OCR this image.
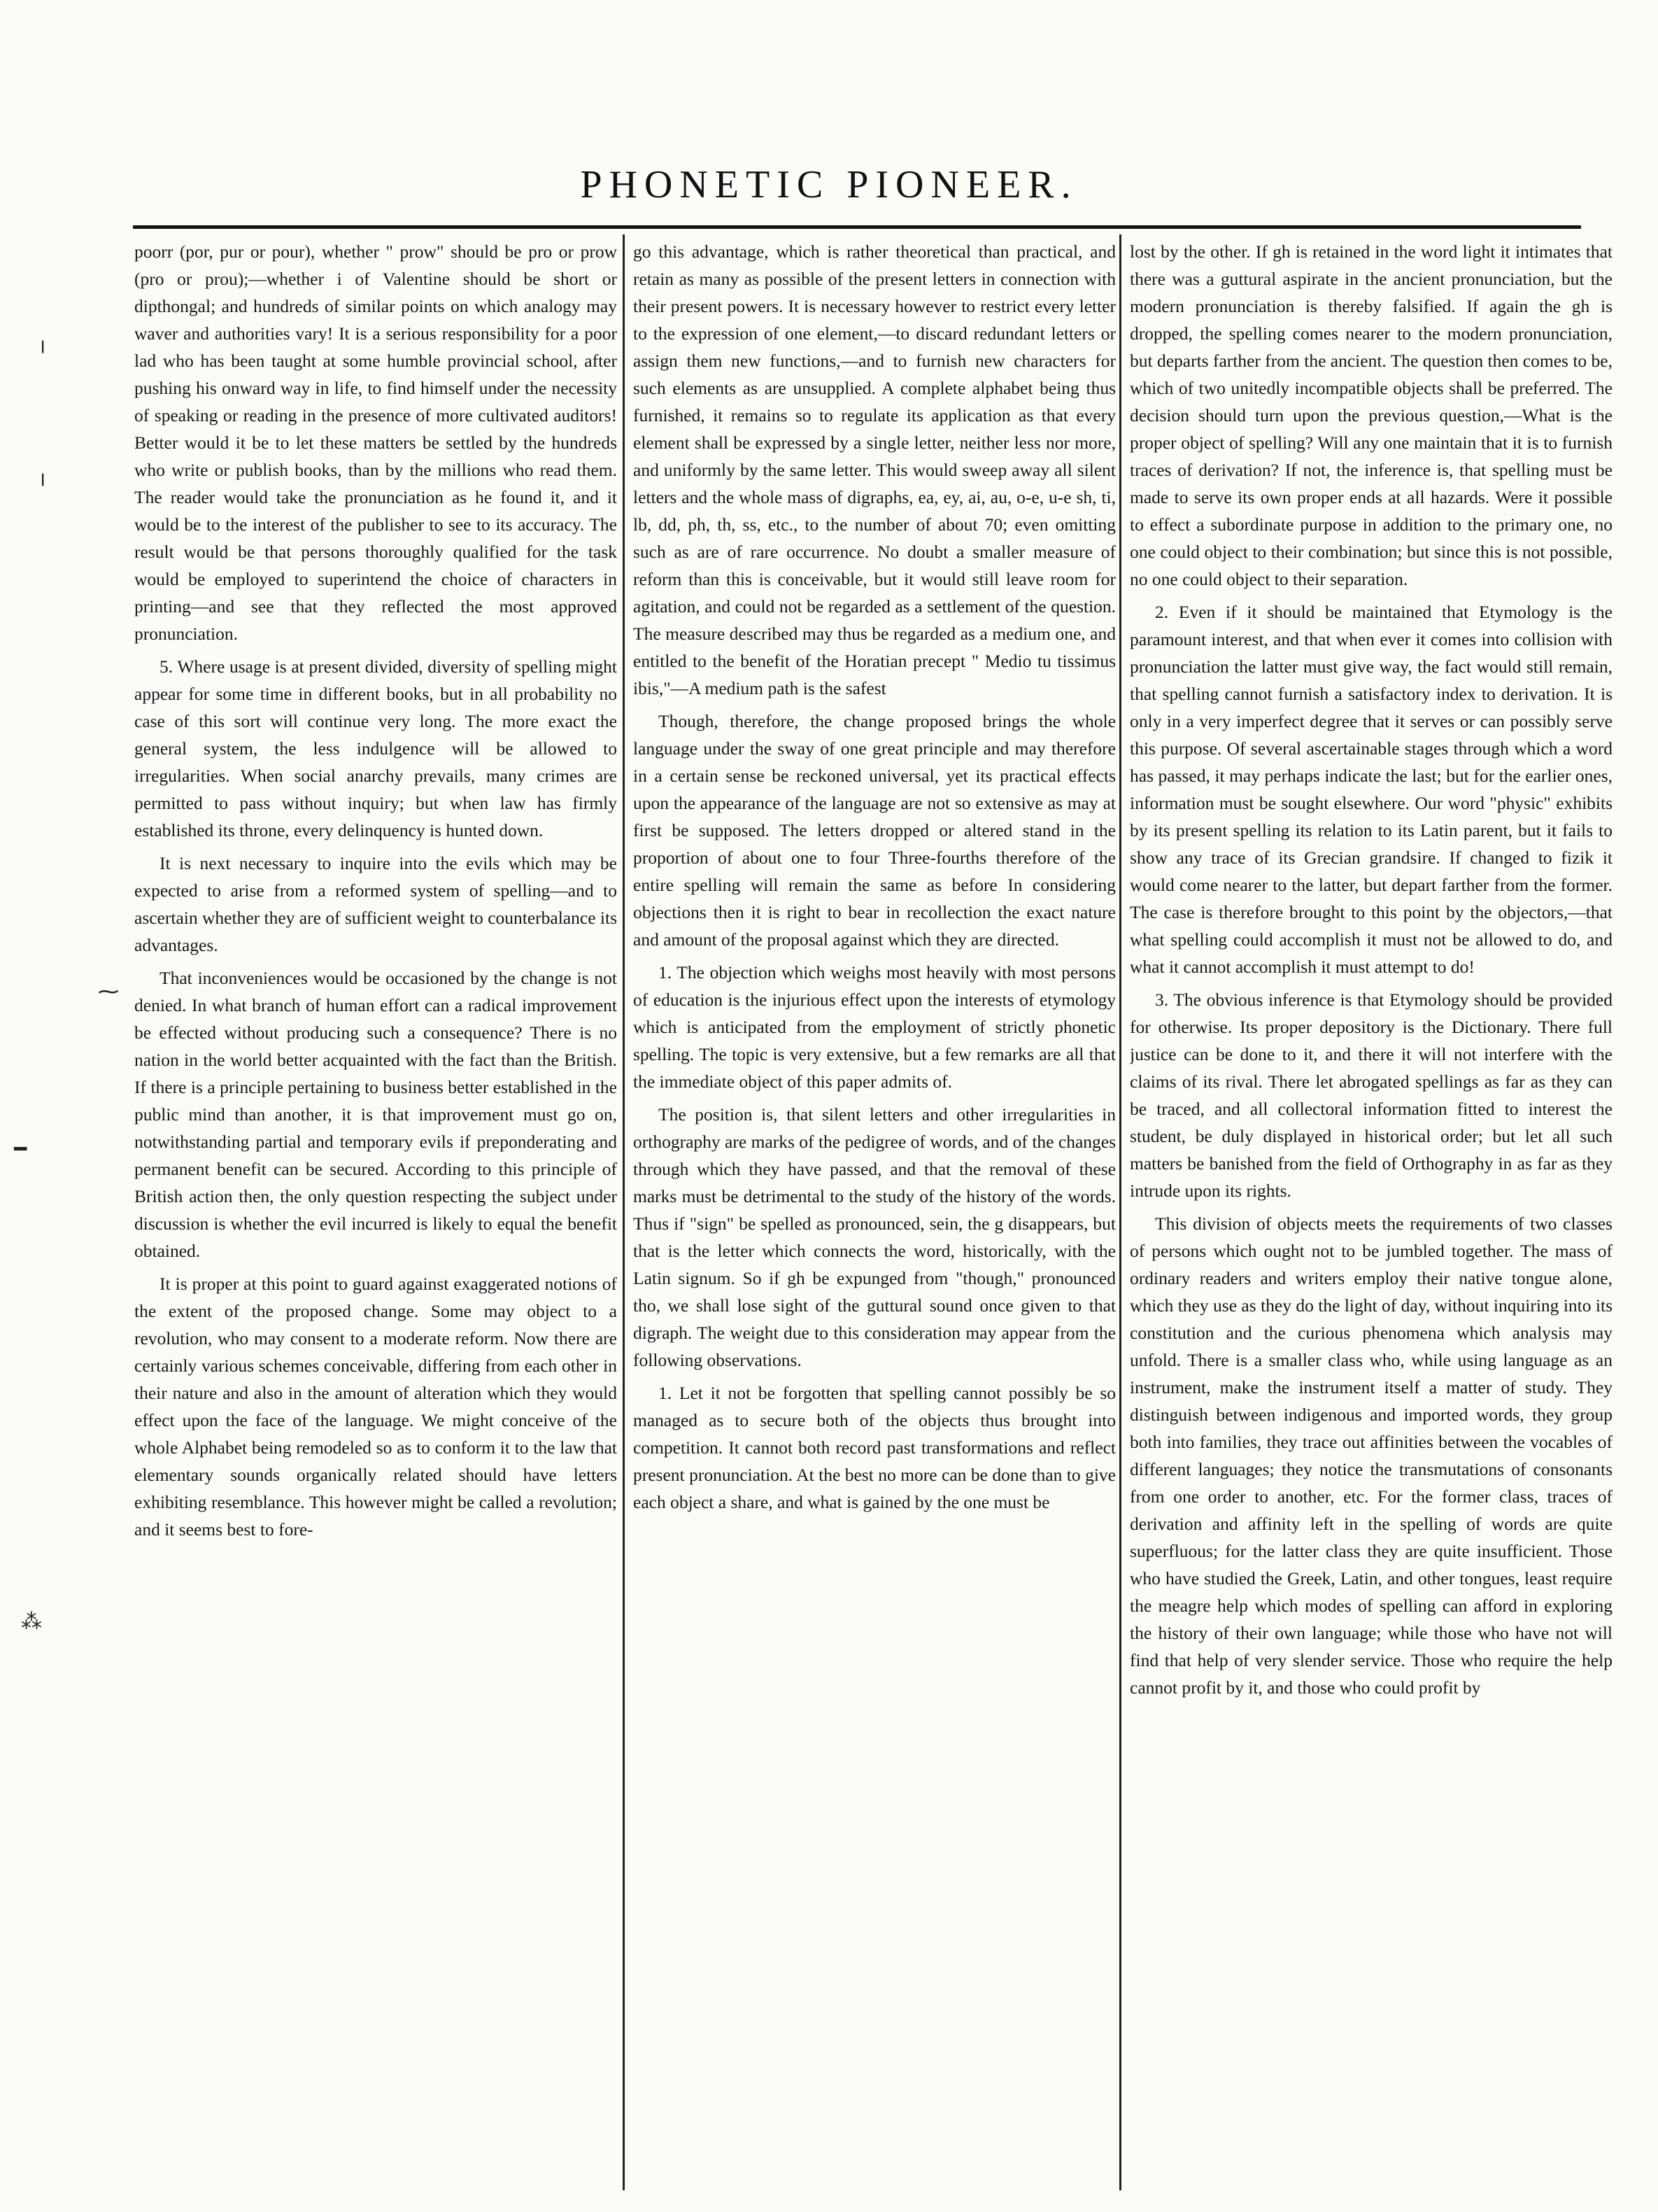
PHONETIC PIONEER.

poorr (por, pur or pour), whether " prow" should be pro or prow (pro or prou);—whether i of Valentine should be short or dipthongal; and hundreds of similar points on which analogy may waver and authorities vary! It is a serious responsibility for a poor lad who has been taught at some humble provincial school, after pushing his onward way in life, to find himself under the necessity of speaking or reading in the presence of more cultivated auditors! Better would it be to let these matters be settled by the hundreds who write or publish books, than by the millions who read them. The reader would take the pronunciation as he found it, and it would be to the interest of the publisher to see to its accuracy. The result would be that persons thoroughly qualified for the task would be employed to superintend the choice of characters in printing—and see that they reflected the most approved pronunciation.

5. Where usage is at present divided, diversity of spelling might appear for some time in different books, but in all probability no case of this sort will continue very long. The more exact the general system, the less indulgence will be allowed to irregularities. When social anarchy prevails, many crimes are permitted to pass without inquiry; but when law has firmly established its throne, every delinquency is hunted down.

It is next necessary to inquire into the evils which may be expected to arise from a reformed system of spelling—and to ascertain whether they are of sufficient weight to counterbalance its advantages.

That inconveniences would be occasioned by the change is not denied. In what branch of human effort can a radical improvement be effected without producing such a consequence? There is no nation in the world better acquainted with the fact than the British. If there is a principle pertaining to business better established in the public mind than another, it is that improvement must go on, notwithstanding partial and temporary evils if preponderating and permanent benefit can be secured. According to this principle of British action then, the only question respecting the subject under discussion is whether the evil incurred is likely to equal the benefit obtained.

It is proper at this point to guard against exaggerated notions of the extent of the proposed change. Some may object to a revolution, who may consent to a moderate reform. Now there are certainly various schemes conceivable, differing from each other in their nature and also in the amount of alteration which they would effect upon the face of the language. We might conceive of the whole Alphabet being remodeled so as to conform it to the law that elementary sounds organically related should have letters exhibiting resemblance. This however might be called a revolution; and it seems best to fore-

go this advantage, which is rather theoretical than practical, and retain as many as possible of the present letters in connection with their present powers. It is necessary however to restrict every letter to the expression of one element,—to discard redundant letters or assign them new functions,—and to furnish new characters for such elements as are unsupplied. A complete alphabet being thus furnished, it remains so to regulate its application as that every element shall be expressed by a single letter, neither less nor more, and uniformly by the same letter. This would sweep away all silent letters and the whole mass of digraphs, ea, ey, ai, au, o-e, u-e sh, ti, lb, dd, ph, th, ss, etc., to the number of about 70; even omitting such as are of rare occurrence. No doubt a smaller measure of reform than this is conceivable, but it would still leave room for agitation, and could not be regarded as a settlement of the question. The measure described may thus be regarded as a medium one, and entitled to the benefit of the Horatian precept " Medio tu tissimus ibis,"—A medium path is the safest

Though, therefore, the change proposed brings the whole language under the sway of one great principle and may therefore in a certain sense be reckoned universal, yet its practical effects upon the appearance of the language are not so extensive as may at first be supposed. The letters dropped or altered stand in the proportion of about one to four Three-fourths therefore of the entire spelling will remain the same as before In considering objections then it is right to bear in recollection the exact nature and amount of the proposal against which they are directed.

1. The objection which weighs most heavily with most persons of education is the injurious effect upon the interests of etymology which is anticipated from the employment of strictly phonetic spelling. The topic is very extensive, but a few remarks are all that the immediate object of this paper admits of.

The position is, that silent letters and other irregularities in orthography are marks of the pedigree of words, and of the changes through which they have passed, and that the removal of these marks must be detrimental to the study of the history of the words. Thus if "sign" be spelled as pronounced, sein, the g disappears, but that is the letter which connects the word, historically, with the Latin signum. So if gh be expunged from "though," pronounced tho, we shall lose sight of the guttural sound once given to that digraph. The weight due to this consideration may appear from the following observations.

1. Let it not be forgotten that spelling cannot possibly be so managed as to secure both of the objects thus brought into competition. It cannot both record past transformations and reflect present pronunciation. At the best no more can be done than to give each object a share, and what is gained by the one must be

lost by the other. If gh is retained in the word light it intimates that there was a guttural aspirate in the ancient pronunciation, but the modern pronunciation is thereby falsified. If again the gh is dropped, the spelling comes nearer to the modern pronunciation, but departs farther from the ancient. The question then comes to be, which of two unitedly incompatible objects shall be preferred. The decision should turn upon the previous question,—What is the proper object of spelling? Will any one maintain that it is to furnish traces of derivation? If not, the inference is, that spelling must be made to serve its own proper ends at all hazards. Were it possible to effect a subordinate purpose in addition to the primary one, no one could object to their combination; but since this is not possible, no one could object to their separation.

2. Even if it should be maintained that Etymology is the paramount interest, and that when ever it comes into collision with pronunciation the latter must give way, the fact would still remain, that spelling cannot furnish a satisfactory index to derivation. It is only in a very imperfect degree that it serves or can possibly serve this purpose. Of several ascertainable stages through which a word has passed, it may perhaps indicate the last; but for the earlier ones, information must be sought elsewhere. Our word "physic" exhibits by its present spelling its relation to its Latin parent, but it fails to show any trace of its Grecian grandsire. If changed to fizik it would come nearer to the latter, but depart farther from the former. The case is therefore brought to this point by the objectors,—that what spelling could accomplish it must not be allowed to do, and what it cannot accomplish it must attempt to do!

3. The obvious inference is that Etymology should be provided for otherwise. Its proper depository is the Dictionary. There full justice can be done to it, and there it will not interfere with the claims of its rival. There let abrogated spellings as far as they can be traced, and all collectoral information fitted to interest the student, be duly displayed in historical order; but let all such matters be banished from the field of Orthography in as far as they intrude upon its rights.

This division of objects meets the requirements of two classes of persons which ought not to be jumbled together. The mass of ordinary readers and writers employ their native tongue alone, which they use as they do the light of day, without inquiring into its constitution and the curious phenomena which analysis may unfold. There is a smaller class who, while using language as an instrument, make the instrument itself a matter of study. They distinguish between indigenous and imported words, they group both into families, they trace out affinities between the vocables of different languages; they notice the transmutations of consonants from one order to another, etc. For the former class, traces of derivation and affinity left in the spelling of words are quite superfluous; for the latter class they are quite insufficient. Those who have studied the Greek, Latin, and other tongues, least require the meagre help which modes of spelling can afford in exploring the history of their own language; while those who have not will find that help of very slender service. Those who require the help cannot profit by it, and those who could profit by

╷
╷
⁓
━
⁂
